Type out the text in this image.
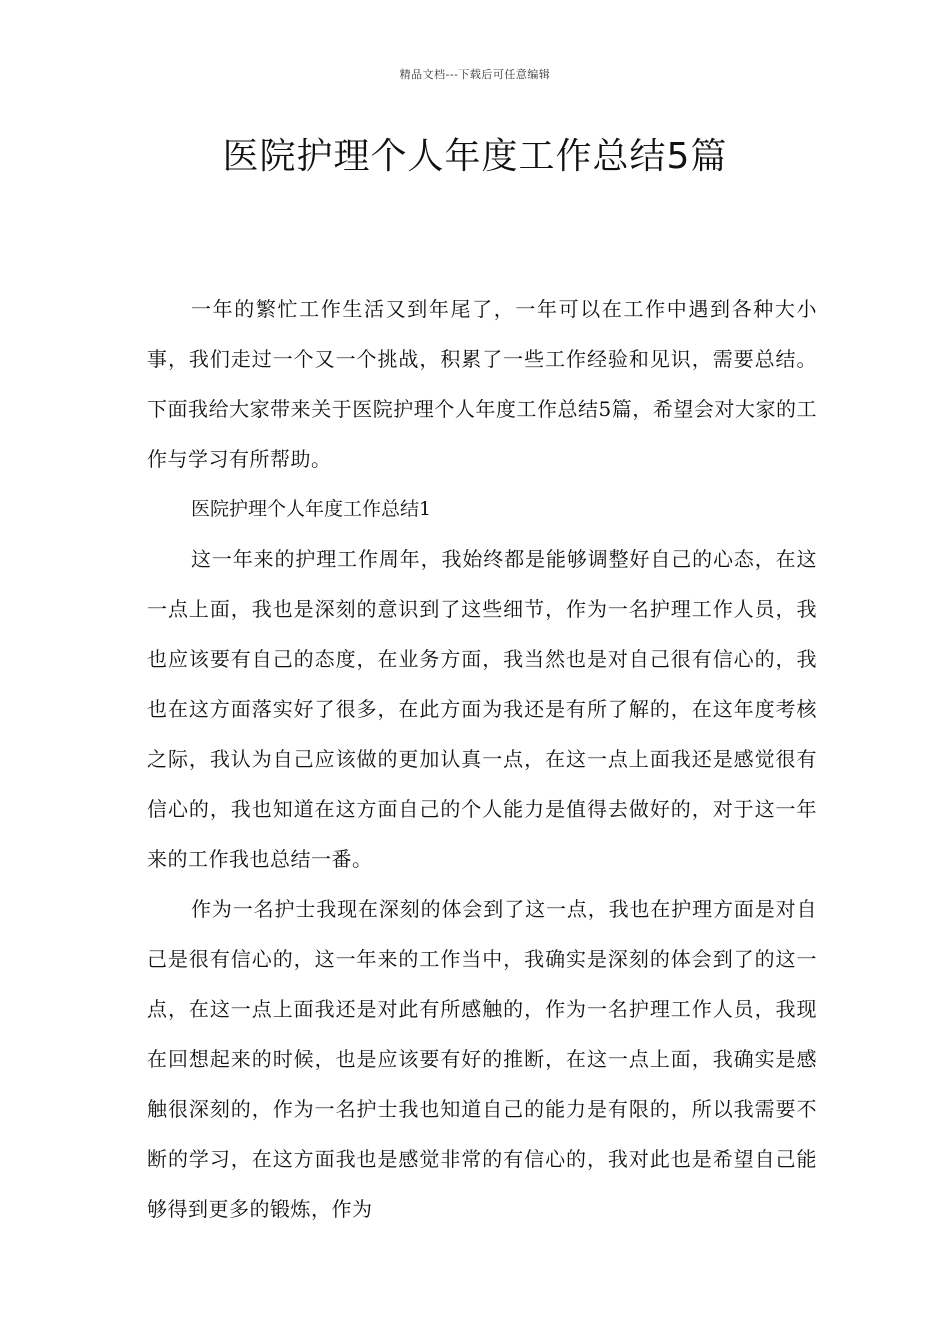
精品文档---下载后可任意编辑
医院护理个人年度工作总结5篇

一年的繁忙工作生活又到年尾了，一年可以在工作中遇到各种大小事，我们走过一个又一个挑战，积累了一些工作经验和见识，需要总结。下面我给大家带来关于医院护理个人年度工作总结5篇，希望会对大家的工作与学习有所帮助。

医院护理个人年度工作总结1

这一年来的护理工作周年，我始终都是能够调整好自己的心态，在这一点上面，我也是深刻的意识到了这些细节，作为一名护理工作人员，我也应该要有自己的态度，在业务方面，我当然也是对自己很有信心的，我也在这方面落实好了很多，在此方面为我还是有所了解的，在这年度考核之际，我认为自己应该做的更加认真一点，在这一点上面我还是感觉很有信心的，我也知道在这方面自己的个人能力是值得去做好的，对于这一年来的工作我也总结一番。

作为一名护士我现在深刻的体会到了这一点，我也在护理方面是对自己是很有信心的，这一年来的工作当中，我确实是深刻的体会到了的这一点，在这一点上面我还是对此有所感触的，作为一名护理工作人员，我现在回想起来的时候，也是应该要有好的推断，在这一点上面，我确实是感触很深刻的，作为一名护士我也知道自己的能力是有限的，所以我需要不断的学习，在这方面我也是感觉非常的有信心的，我对此也是希望自己能够得到更多的锻炼，作为
